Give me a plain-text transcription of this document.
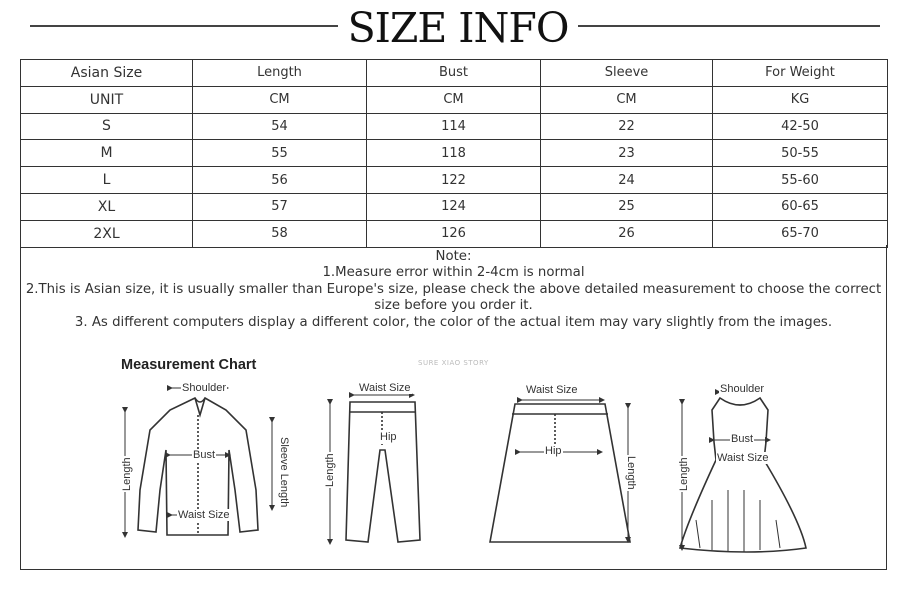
SIZE INFO
Asian Size	Length	Bust	Sleeve	For Weight
UNIT	CM	CM	CM	KG
S	54	114	22	42-50
M	55	118	23	50-55
L	56	122	24	55-60
XL	57	124	25	60-65
2XL	58	126	26	65-70
Note:
1.Measure error within 2-4cm is normal
2.This is Asian size, it is usually smaller than Europe's size, please check the above detailed measurement to choose the correct size before you order it.
3. As different computers display a different color, the color of the actual item may vary slightly from the images.
Measurement Chart	SURE XIAO STORY
Shoulder
Bust
Waist Size
Length	Sleeve Length
Waist Size
Hip
Length
Waist Size
Hip
Length
Shoulder
Bust
Waist Size
Length
